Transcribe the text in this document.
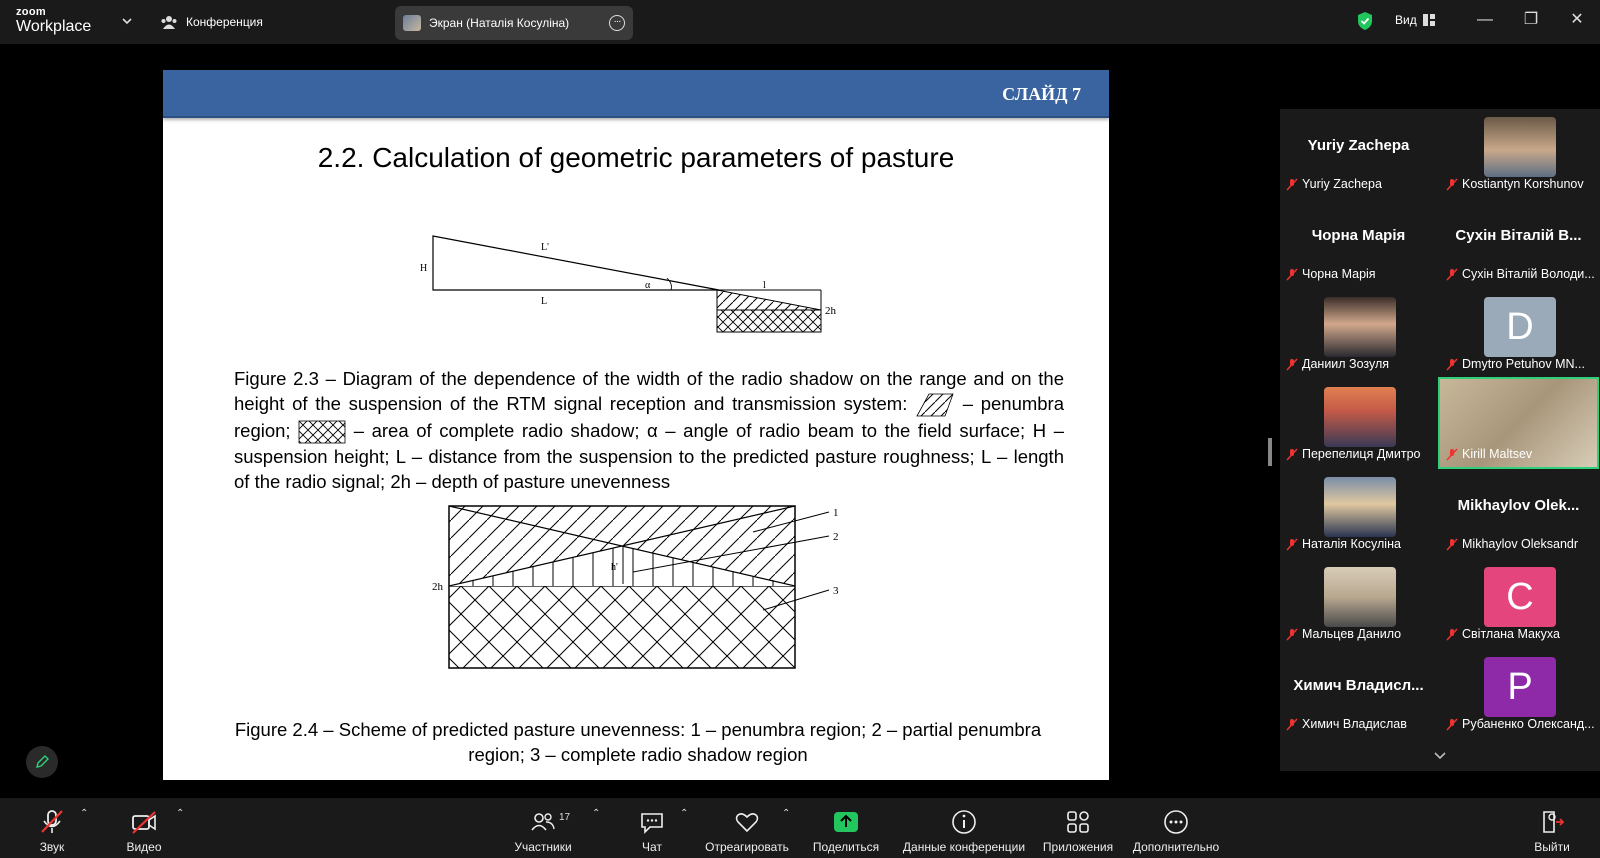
zoom
Workplace	Конференция	Экран (Наталія Косуліна)	···	Вид	— ❐ ✕
СЛАЙД 7
2.2. Calculation of geometric parameters of pasture
H
L'
L
α	l
2h
Figure 2.3 – Diagram of the dependence of the width of the radio shadow on the range and on the height of the suspension of the RTM signal reception and transmission system:	– penumbra region;	– area of complete radio shadow; α – angle of radio beam to the field surface; H – suspension height; L – distance from the suspension to the predicted pasture roughness; L – length of the radio signal; 2h – depth of pasture unevenness
1
2
3
2h
h'
Figure 2.4 – Scheme of predicted pasture unevenness: 1 – penumbra region; 2 – partial penumbra
region; 3 – complete radio shadow region
Yuriy Zachepa
Yuriy Zachepa	Kostiantyn Korshunov
Чорна Марія
Чорна Марія
Сухін Віталій В...
Сухін Віталій Володи...
Даниил Зозуля
D
Dmytro Petuhov MN...
Перепелиця Дмитро	Kirill Maltsev
Наталія Косуліна
Mikhaylov Olek...
Mikhaylov Oleksandr
Мальцев Данило
C
Світлана Макуха
Химич Владисл...
Химич Владислав
P
Рубаненко Олександ...
Звук
⌃
Видео
⌃
Участники
17 ⌃
Чат
⌃
Отреагировать
⌃
Поделиться Данные конференции Приложения Дополнительно	Выйти
